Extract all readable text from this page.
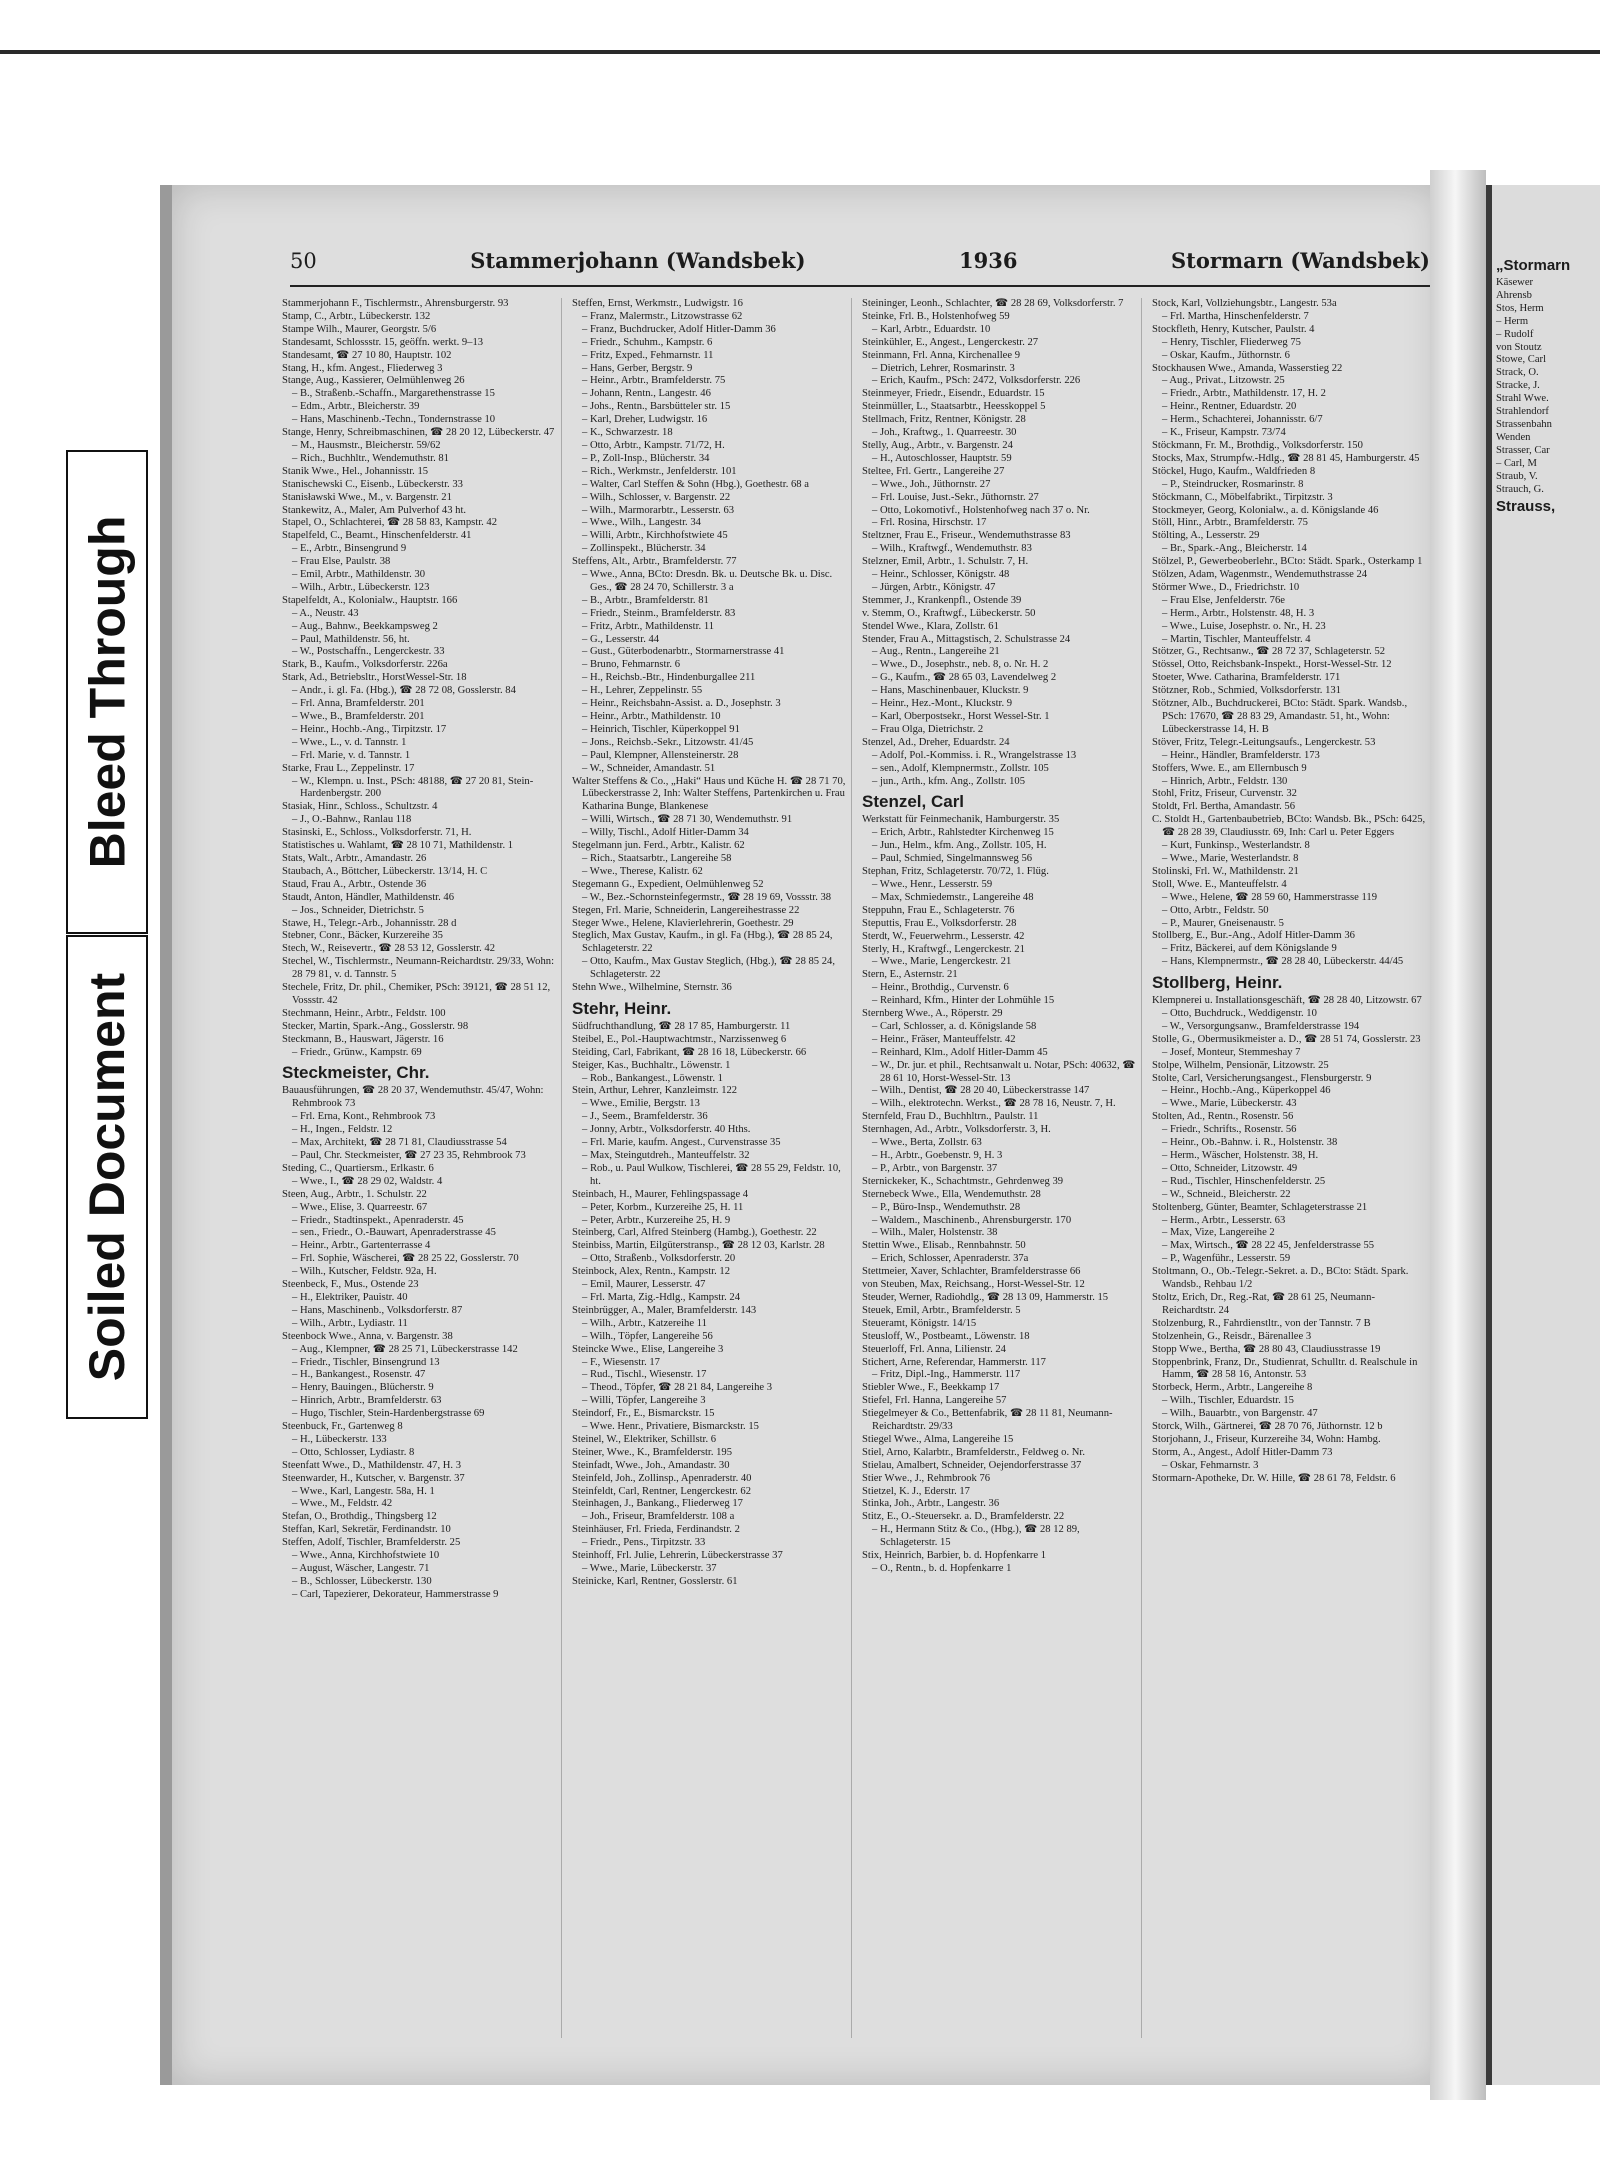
Bleed Through
Soiled Document
„Stormarn
Käsewer
Ahrensb
Stos, Herm
– Herm
– Rudolf
von Stoutz
Stowe, Carl
Strack, O.
Stracke, J.
Strahl Wwe.
Strahlendorf
Strassenbahn
Wenden
Strasser, Car
– Carl, M
Straub, V.
Strauch, G.
Strauss,
50	Stammerjohann (Wandsbek)	1936	Stormarn (Wandsbek)

Stammerjohann F., Tischlermstr., Ahrensburgerstr. 93

Stamp, C., Arbtr., Lübeckerstr. 132

Stampe Wilh., Maurer, Georgstr. 5/6

Standesamt, Schlossstr. 15, geöffn. werkt. 9–13

Standesamt, ☎ 27 10 80, Hauptstr. 102

Stang, H., kfm. Angest., Fliederweg 3

Stange, Aug., Kassierer, Oelmühlenweg 26

– B., Straßenb.-Schaffn., Margarethenstrasse 15

– Edm., Arbtr., Bleicherstr. 39

– Hans, Maschinenb.-Techn., Tondernstrasse 10

Stange, Henry, Schreibmaschinen, ☎ 28 20 12, Lübeckerstr. 47

– M., Hausmstr., Bleicherstr. 59/62

– Rich., Buchhltr., Wendemuthstr. 81

Stanik Wwe., Hel., Johannisstr. 15

Stanischewski C., Eisenb., Lübeckerstr. 33

Stanisławski Wwe., M., v. Bargenstr. 21

Stankewitz, A., Maler, Am Pulverhof 43 ht.

Stapel, O., Schlachterei, ☎ 28 58 83, Kampstr. 42

Stapelfeld, C., Beamt., Hinschenfelderstr. 41

– E., Arbtr., Binsengrund 9

– Frau Else, Paulstr. 38

– Emil, Arbtr., Mathildenstr. 30

– Wilh., Arbtr., Lübeckerstr. 123

Stapelfeldt, A., Kolonialw., Hauptstr. 166

– A., Neustr. 43

– Aug., Bahnw., Beekkampsweg 2

– Paul, Mathildenstr. 56, ht.

– W., Postschaffn., Lengerckestr. 33

Stark, B., Kaufm., Volksdorferstr. 226a

Stark, Ad., Betriebsltr., HorstWessel-Str. 18

– Andr., i. gl. Fa. (Hbg.), ☎ 28 72 08, Gosslerstr. 84

– Frl. Anna, Bramfelderstr. 201

– Wwe., B., Bramfelderstr. 201

– Heinr., Hochb.-Ang., Tirpitzstr. 17

– Wwe., L., v. d. Tannstr. 1

– Frl. Marie, v. d. Tannstr. 1

Starke, Frau L., Zeppelinstr. 17

– W., Klempn. u. Inst., PSch: 48188, ☎ 27 20 81, Stein-Hardenbergstr. 200

Stasiak, Hinr., Schloss., Schultzstr. 4

– J., O.-Bahnw., Ranlau 118

Stasinski, E., Schloss., Volksdorferstr. 71, H.

Statistisches u. Wahlamt, ☎ 28 10 71, Mathildenstr. 1

Stats, Walt., Arbtr., Amandastr. 26

Staubach, A., Böttcher, Lübeckerstr. 13/14, H. C

Staud, Frau A., Arbtr., Ostende 36

Staudt, Anton, Händler, Mathildenstr. 46

– Jos., Schneider, Dietrichstr. 5

Stawe, H., Telegr.-Arb., Johannisstr. 28 d

Stebner, Conr., Bäcker, Kurzereihe 35

Stech, W., Reisevertr., ☎ 28 53 12, Gosslerstr. 42

Stechel, W., Tischlermstr., Neumann-Reichardtstr. 29/33, Wohn: 28 79 81, v. d. Tannstr. 5

Stechele, Fritz, Dr. phil., Chemiker, PSch: 39121, ☎ 28 51 12, Vossstr. 42

Stechmann, Heinr., Arbtr., Feldstr. 100

Stecker, Martin, Spark.-Ang., Gosslerstr. 98

Steckmann, B., Hauswart, Jägerstr. 16

– Friedr., Grünw., Kampstr. 69

Steckmeister, Chr.

Bauausführungen, ☎ 28 20 37, Wendemuthstr. 45/47, Wohn: Rehmbrook 73

– Frl. Erna, Kont., Rehmbrook 73

– H., Ingen., Feldstr. 12

– Max, Architekt, ☎ 28 71 81, Claudiusstrasse 54

– Paul, Chr. Steckmeister, ☎ 27 23 35, Rehmbrook 73

Steding, C., Quartiersm., Erlkastr. 6

– Wwe., I., ☎ 28 29 02, Waldstr. 4

Steen, Aug., Arbtr., 1. Schulstr. 22

– Wwe., Elise, 3. Quarreestr. 67

– Friedr., Stadtinspekt., Apenraderstr. 45

– sen., Friedr., O.-Bauwart, Apenraderstrasse 45

– Heinr., Arbtr., Gartenterrasse 4

– Frl. Sophie, Wäscherei, ☎ 28 25 22, Gosslerstr. 70

– Wilh., Kutscher, Feldstr. 92a, H.

Steenbeck, F., Mus., Ostende 23

– H., Elektriker, Pauistr. 40

– Hans, Maschinenb., Volksdorferstr. 87

– Wilh., Arbtr., Lydiastr. 11

Steenbock Wwe., Anna, v. Bargenstr. 38

– Aug., Klempner, ☎ 28 25 71, Lübeckerstrasse 142

– Friedr., Tischler, Binsengrund 13

– H., Bankangest., Rosenstr. 47

– Henry, Bauingen., Blücherstr. 9

– Hinrich, Arbtr., Bramfelderstr. 63

– Hugo, Tischler, Stein-Hardenbergstrasse 69

Steenbuck, Fr., Gartenweg 8

– H., Lübeckerstr. 133

– Otto, Schlosser, Lydiastr. 8

Steenfatt Wwe., D., Mathildenstr. 47, H. 3

Steenwarder, H., Kutscher, v. Bargenstr. 37

– Wwe., Karl, Langestr. 58a, H. 1

– Wwe., M., Feldstr. 42

Stefan, O., Brothdig., Thingsberg 12

Steffan, Karl, Sekretär, Ferdinandstr. 10

Steffen, Adolf, Tischler, Bramfelderstr. 25

– Wwe., Anna, Kirchhofstwiete 10

– August, Wäscher, Langestr. 71

– B., Schlosser, Lübeckerstr. 130

– Carl, Tapezierer, Dekorateur, Hammerstrasse 9

Steffen, Ernst, Werkmstr., Ludwigstr. 16

– Franz, Malermstr., Litzowstrasse 62

– Franz, Buchdrucker, Adolf Hitler-Damm 36

– Friedr., Schuhm., Kampstr. 6

– Fritz, Exped., Fehmarnstr. 11

– Hans, Gerber, Bergstr. 9

– Heinr., Arbtr., Bramfelderstr. 75

– Johann, Rentn., Langestr. 46

– Johs., Rentn., Barsbütteler str. 15

– Karl, Dreher, Ludwigstr. 16

– K., Schwarzestr. 18

– Otto, Arbtr., Kampstr. 71/72, H.

– P., Zoll-Insp., Blücherstr. 34

– Rich., Werkmstr., Jenfelderstr. 101

– Walter, Carl Steffen & Sohn (Hbg.), Goethestr. 68 a

– Wilh., Schlosser, v. Bargenstr. 22

– Wilh., Marmorarbtr., Lesserstr. 63

– Wwe., Wilh., Langestr. 34

– Willi, Arbtr., Kirchhofstwiete 45

– Zollinspekt., Blücherstr. 34

Steffens, Alt., Arbtr., Bramfelderstr. 77

– Wwe., Anna, BCto: Dresdn. Bk. u. Deutsche Bk. u. Disc. Ges., ☎ 28 24 70, Schillerstr. 3 a

– B., Arbtr., Bramfelderstr. 81

– Friedr., Steinm., Bramfelderstr. 83

– Fritz, Arbtr., Mathildenstr. 11

– G., Lesserstr. 44

– Gust., Güterbodenarbtr., Stormarnerstrasse 41

– Bruno, Fehmarnstr. 6

– H., Reichsb.-Btr., Hindenburgallee 211

– H., Lehrer, Zeppelinstr. 55

– Heinr., Reichsbahn-Assist. a. D., Josephstr. 3

– Heinr., Arbtr., Mathildenstr. 10

– Heinrich, Tischler, Küperkoppel 91

– Jons., Reichsb.-Sekr., Litzowstr. 41/45

– Paul, Klempner, Allensteinerstr. 28

– W., Schneider, Amandastr. 51

Walter Steffens & Co., „Haki“ Haus und Küche H. ☎ 28 71 70, Lübeckerstrasse 2, Inh: Walter Steffens, Partenkirchen u. Frau Katharina Bunge, Blankenese

– Willi, Wirtsch., ☎ 28 71 30, Wendemuthstr. 91

– Willy, Tischl., Adolf Hitler-Damm 34

Stegelmann jun. Ferd., Arbtr., Kalistr. 62

– Rich., Staatsarbtr., Langereihe 58

– Wwe., Therese, Kalistr. 62

Stegemann G., Expedient, Oelmühlenweg 52

– W., Bez.-Schornsteinfegermstr., ☎ 28 19 69, Vossstr. 38

Stegen, Frl. Marie, Schneiderin, Langereihestrasse 22

Steger Wwe., Helene, Klavierlehrerin, Goethestr. 29

Steglich, Max Gustav, Kaufm., in gl. Fa (Hbg.), ☎ 28 85 24, Schlageterstr. 22

– Otto, Kaufm., Max Gustav Steglich, (Hbg.), ☎ 28 85 24, Schlageterstr. 22

Stehn Wwe., Wilhelmine, Sternstr. 36

Stehr, Heinr.

Südfruchthandlung, ☎ 28 17 85, Hamburgerstr. 11

Steibel, E., Pol.-Hauptwachtmstr., Narzissenweg 6

Steiding, Carl, Fabrikant, ☎ 28 16 18, Lübeckerstr. 66

Steiger, Kas., Buchhaltr., Löwenstr. 1

– Rob., Bankangest., Löwenstr. 1

Stein, Arthur, Lehrer, Kanzleimstr. 122

– Wwe., Emilie, Bergstr. 13

– J., Seem., Bramfelderstr. 36

– Jonny, Arbtr., Volksdorferstr. 40 Hths.

– Frl. Marie, kaufm. Angest., Curvenstrasse 35

– Max, Steingutdreh., Manteuffelstr. 32

– Rob., u. Paul Wulkow, Tischlerei, ☎ 28 55 29, Feldstr. 10, ht.

Steinbach, H., Maurer, Fehlingspassage 4

– Peter, Korbm., Kurzereihe 25, H. 11

– Peter, Arbtr., Kurzereihe 25, H. 9

Steinberg, Carl, Alfred Steinberg (Hambg.), Goethestr. 22

Steinbiss, Martin, Eilgüterstransp., ☎ 28 12 03, Karlstr. 28

– Otto, Straßenb., Volksdorferstr. 20

Steinbock, Alex, Rentn., Kampstr. 12

– Emil, Maurer, Lesserstr. 47

– Frl. Marta, Zig.-Hdlg., Kampstr. 24

Steinbrügger, A., Maler, Bramfelderstr. 143

– Wilh., Arbtr., Katzereihe 11

– Wilh., Töpfer, Langereihe 56

Steincke Wwe., Elise, Langereihe 3

– F., Wiesenstr. 17

– Rud., Tischl., Wiesenstr. 17

– Theod., Töpfer, ☎ 28 21 84, Langereihe 3

– Willi, Töpfer, Langereihe 3

Steindorf, Fr., E., Bismarckstr. 15

– Wwe. Henr., Privatiere, Bismarckstr. 15

Steinel, W., Elektriker, Schillstr. 6

Steiner, Wwe., K., Bramfelderstr. 195

Steinfadt, Wwe., Joh., Amandastr. 30

Steinfeld, Joh., Zollinsp., Apenraderstr. 40

Steinfeldt, Carl, Rentner, Lengerckestr. 62

Steinhagen, J., Bankang., Fliederweg 17

– Joh., Friseur, Bramfelderstr. 108 a

Steinhäuser, Frl. Frieda, Ferdinandstr. 2

– Friedr., Pens., Tirpitzstr. 33

Steinhoff, Frl. Julie, Lehrerin, Lübeckerstrasse 37

– Wwe., Marie, Lübeckerstr. 37

Steinicke, Karl, Rentner, Gosslerstr. 61

Steininger, Leonh., Schlachter, ☎ 28 28 69, Volksdorferstr. 7

Steinke, Frl. B., Holstenhofweg 59

– Karl, Arbtr., Eduardstr. 10

Steinkühler, E., Angest., Lengerckestr. 27

Steinmann, Frl. Anna, Kirchenallee 9

– Dietrich, Lehrer, Rosmarinstr. 3

– Erich, Kaufm., PSch: 2472, Volksdorferstr. 226

Steinmeyer, Friedr., Eisendr., Eduardstr. 15

Steinmüller, L., Staatsarbtr., Heesskoppel 5

Stellmach, Fritz, Rentner, Königstr. 28

– Joh., Kraftwg., 1. Quarreestr. 30

Stelly, Aug., Arbtr., v. Bargenstr. 24

– H., Autoschlosser, Hauptstr. 59

Steltee, Frl. Gertr., Langereihe 27

– Wwe., Joh., Jüthornstr. 27

– Frl. Louise, Just.-Sekr., Jüthornstr. 27

– Otto, Lokomotivf., Holstenhofweg nach 37 o. Nr.

– Frl. Rosina, Hirschstr. 17

Steltzner, Frau E., Friseur., Wendemuthstrasse 83

– Wilh., Kraftwgf., Wendemuthstr. 83

Stelzner, Emil, Arbtr., 1. Schulstr. 7, H.

– Heinr., Schlosser, Königstr. 48

– Jürgen, Arbtr., Königstr. 47

Stemmer, J., Krankenpfl., Ostende 39

v. Stemm, O., Kraftwgf., Lübeckerstr. 50

Stendel Wwe., Klara, Zollstr. 61

Stender, Frau A., Mittagstisch, 2. Schulstrasse 24

– Aug., Rentn., Langereihe 21

– Wwe., D., Josephstr., neb. 8, o. Nr. H. 2

– G., Kaufm., ☎ 28 65 03, Lavendelweg 2

– Hans, Maschinenbauer, Kluckstr. 9

– Heinr., Hez.-Mont., Kluckstr. 9

– Karl, Oberpostsekr., Horst Wessel-Str. 1

– Frau Olga, Dietrichstr. 2

Stenzel, Ad., Dreher, Eduardstr. 24

– Adolf, Pol.-Kommiss. i. R., Wrangelstrasse 13

– sen., Adolf, Klempnermstr., Zollstr. 105

– jun., Arth., kfm. Ang., Zollstr. 105

Stenzel, Carl

Werkstatt für Feinmechanik, Hamburgerstr. 35

– Erich, Arbtr., Rahlstedter Kirchenweg 15

– Jun., Helm., kfm. Ang., Zollstr. 105, H.

– Paul, Schmied, Singelmannsweg 56

Stephan, Fritz, Schlageterstr. 70/72, 1. Flüg.

– Wwe., Henr., Lesserstr. 59

– Max, Schmiedemstr., Langereihe 48

Steppuhn, Frau E., Schlageterstr. 76

Steputtis, Frau E., Volksdorferstr. 28

Sterdt, W., Feuerwehrm., Lesserstr. 42

Sterly, H., Kraftwgf., Lengerckestr. 21

– Wwe., Marie, Lengerckestr. 21

Stern, E., Asternstr. 21

– Heinr., Brothdig., Curvenstr. 6

– Reinhard, Kfm., Hinter der Lohmühle 15

Sternberg Wwe., A., Röperstr. 29

– Carl, Schlosser, a. d. Königslande 58

– Heinr., Fräser, Manteuffelstr. 42

– Reinhard, Klm., Adolf Hitler-Damm 45

– W., Dr. jur. et phil., Rechtsanwalt u. Notar, PSch: 40632, ☎ 28 61 10, Horst-Wessel-Str. 13

– Wilh., Dentist, ☎ 28 20 40, Lübeckerstrasse 147

– Wilh., elektrotechn. Werkst., ☎ 28 78 16, Neustr. 7, H.

Sternfeld, Frau D., Buchhltrn., Paulstr. 11

Sternhagen, Ad., Arbtr., Volksdorferstr. 3, H.

– Wwe., Berta, Zollstr. 63

– H., Arbtr., Goebenstr. 9, H. 3

– P., Arbtr., von Bargenstr. 37

Sternickeker, K., Schachtmstr., Gehrdenweg 39

Sternebeck Wwe., Ella, Wendemuthstr. 28

– P., Büro-Insp., Wendemuthstr. 28

– Waldem., Maschinenb., Ahrensburgerstr. 170

– Wilh., Maler, Holstenstr. 38

Stettin Wwe., Elisab., Rennbahnstr. 50

– Erich, Schlosser, Apenraderstr. 37a

Stettmeier, Xaver, Schlachter, Bramfelderstrasse 66

von Steuben, Max, Reichsang., Horst-Wessel-Str. 12

Steuder, Werner, Radiohdlg., ☎ 28 13 09, Hammerstr. 15

Steuek, Emil, Arbtr., Bramfelderstr. 5

Steueramt, Königstr. 14/15

Steusloff, W., Postbeamt., Löwenstr. 18

Steuerloff, Frl. Anna, Lilienstr. 24

Stichert, Arne, Referendar, Hammerstr. 117

– Fritz, Dipl.-Ing., Hammerstr. 117

Stiebler Wwe., F., Beekkamp 17

Stiefel, Frl. Hanna, Langereihe 57

Stiegelmeyer & Co., Bettenfabrik, ☎ 28 11 81, Neumann-Reichardtstr. 29/33

Stiegel Wwe., Alma, Langereihe 15

Stiel, Arno, Kalarbtr., Bramfelderstr., Feldweg o. Nr.

Stielau, Amalbert, Schneider, Oejendorferstrasse 37

Stier Wwe., J., Rehmbrook 76

Stietzel, K. J., Ederstr. 17

Stinka, Joh., Arbtr., Langestr. 36

Stitz, E., O.-Steuersekr. a. D., Bramfelderstr. 22

– H., Hermann Stitz & Co., (Hbg.), ☎ 28 12 89, Schlageterstr. 15

Stix, Heinrich, Barbier, b. d. Hopfenkarre 1

– O., Rentn., b. d. Hopfenkarre 1

Stock, Karl, Vollziehungsbtr., Langestr. 53a

– Frl. Martha, Hinschenfelderstr. 7

Stockfleth, Henry, Kutscher, Paulstr. 4

– Henry, Tischler, Fliederweg 75

– Oskar, Kaufm., Jüthornstr. 6

Stockhausen Wwe., Amanda, Wasserstieg 22

– Aug., Privat., Litzowstr. 25

– Friedr., Arbtr., Mathildenstr. 17, H. 2

– Heinr., Rentner, Eduardstr. 20

– Herm., Schachterei, Johannisstr. 6/7

– K., Friseur, Kampstr. 73/74

Stöckmann, Fr. M., Brothdig., Volksdorferstr. 150

Stocks, Max, Strumpfw.-Hdlg., ☎ 28 81 45, Hamburgerstr. 45

Stöckel, Hugo, Kaufm., Waldfrieden 8

– P., Steindrucker, Rosmarinstr. 8

Stöckmann, C., Möbelfabrikt., Tirpitzstr. 3

Stockmeyer, Georg, Kolonialw., a. d. Königslande 46

Stöll, Hinr., Arbtr., Bramfelderstr. 75

Stölting, A., Lesserstr. 29

– Br., Spark.-Ang., Bleicherstr. 14

Stölzel, P., Gewerbeoberlehr., BCto: Städt. Spark., Osterkamp 1

Stölzen, Adam, Wagenmstr., Wendemuthstrasse 24

Störmer Wwe., D., Friedrichstr. 10

– Frau Else, Jenfelderstr. 76e

– Herm., Arbtr., Holstenstr. 48, H. 3

– Wwe., Luise, Josephstr. o. Nr., H. 23

– Martin, Tischler, Manteuffelstr. 4

Stötzer, G., Rechtsanw., ☎ 28 72 37, Schlageterstr. 52

Stössel, Otto, Reichsbank-Inspekt., Horst-Wessel-Str. 12

Stoeter, Wwe. Catharina, Bramfelderstr. 171

Stötzner, Rob., Schmied, Volksdorferstr. 131

Stötzner, Alb., Buchdruckerei, BCto: Städt. Spark. Wandsb., PSch: 17670, ☎ 28 83 29, Amandastr. 51, ht., Wohn: Lübeckerstrasse 14, H. B

Stöver, Fritz, Telegr.-Leitungsaufs., Lengerckestr. 53

– Heinr., Händler, Bramfelderstr. 173

Stoffers, Wwe. E., am Ellernbusch 9

– Hinrich, Arbtr., Feldstr. 130

Stohl, Fritz, Friseur, Curvenstr. 32

Stoldt, Frl. Bertha, Amandastr. 56

C. Stoldt H., Gartenbaubetrieb, BCto: Wandsb. Bk., PSch: 6425, ☎ 28 28 39, Claudiusstr. 69, Inh: Carl u. Peter Eggers

– Kurt, Funkinsp., Westerlandstr. 8

– Wwe., Marie, Westerlandstr. 8

Stolinski, Frl. W., Mathildenstr. 21

Stoll, Wwe. E., Manteuffelstr. 4

– Wwe., Helene, ☎ 28 59 60, Hammerstrasse 119

– Otto, Arbtr., Feldstr. 50

– P., Maurer, Gneisenaustr. 5

Stollberg, E., Bur.-Ang., Adolf Hitler-Damm 36

– Fritz, Bäckerei, auf dem Königslande 9

– Hans, Klempnermstr., ☎ 28 28 40, Lübeckerstr. 44/45

Stollberg, Heinr.

Klempnerei u. Installationsgeschäft, ☎ 28 28 40, Litzowstr. 67

– Otto, Buchdruck., Weddigenstr. 10

– W., Versorgungsanw., Bramfelderstrasse 194

Stolle, G., Obermusikmeister a. D., ☎ 28 51 74, Gosslerstr. 23

– Josef, Monteur, Stemmeshay 7

Stolpe, Wilhelm, Pensionär, Litzowstr. 25

Stolte, Carl, Versicherungsangest., Flensburgerstr. 9

– Heinr., Hochb.-Ang., Küperkoppel 46

– Wwe., Marie, Lübeckerstr. 43

Stolten, Ad., Rentn., Rosenstr. 56

– Friedr., Schrifts., Rosenstr. 56

– Heinr., Ob.-Bahnw. i. R., Holstenstr. 38

– Herm., Wäscher, Holstenstr. 38, H.

– Otto, Schneider, Litzowstr. 49

– Rud., Tischler, Hinschenfelderstr. 25

– W., Schneid., Bleicherstr. 22

Stoltenberg, Günter, Beamter, Schlageterstrasse 21

– Herm., Arbtr., Lesserstr. 63

– Max, Vize, Langereihe 2

– Max, Wirtsch., ☎ 28 22 45, Jenfelderstrasse 55

– P., Wagenführ., Lesserstr. 59

Stoltmann, O., Ob.-Telegr.-Sekret. a. D., BCto: Städt. Spark. Wandsb., Rehbau 1/2

Stoltz, Erich, Dr., Reg.-Rat, ☎ 28 61 25, Neumann-Reichardtstr. 24

Stolzenburg, R., Fahrdienstltr., von der Tannstr. 7 B

Stolzenhein, G., Reisdr., Bärenallee 3

Stopp Wwe., Bertha, ☎ 28 80 43, Claudiusstrasse 19

Stoppenbrink, Franz, Dr., Studienrat, Schulltr. d. Realschule in Hamm, ☎ 28 58 16, Antonstr. 53

Storbeck, Herm., Arbtr., Langereihe 8

– Wilh., Tischler, Eduardstr. 15

– Wilh., Bauarbtr., von Bargenstr. 47

Storck, Wilh., Gärtnerei, ☎ 28 70 76, Jüthornstr. 12 b

Storjohann, J., Friseur, Kurzereihe 34, Wohn: Hambg.

Storm, A., Angest., Adolf Hitler-Damm 73

– Oskar, Fehmarnstr. 3

Stormarn-Apotheke, Dr. W. Hille, ☎ 28 61 78, Feldstr. 6
